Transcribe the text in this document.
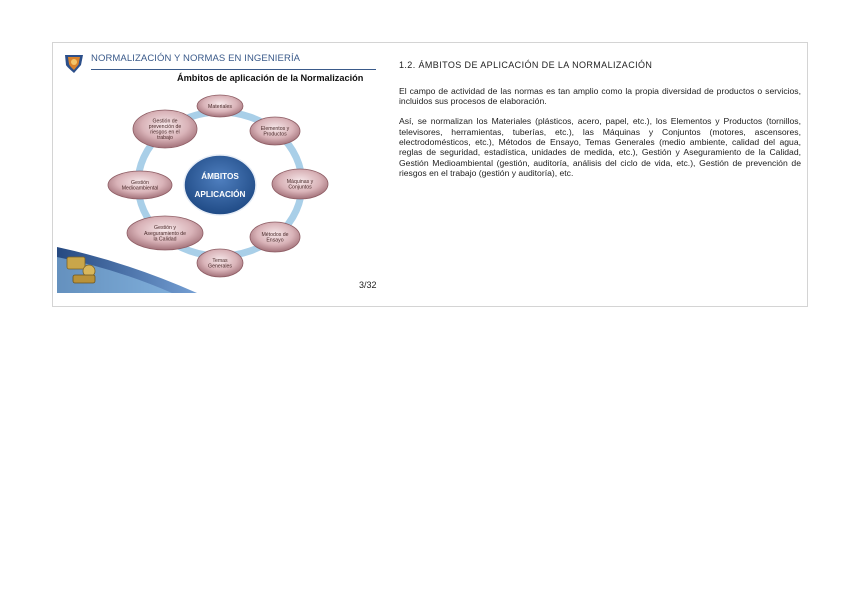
NORMALIZACIÓN Y NORMAS EN INGENIERÍA
Ámbitos de aplicación de la Normalización
ÁMBITOS
APLICACIÓN
Materiales
Elementos y
Productos
Máquinas y
Conjuntos
Métodos de
Ensayo
Temas
Generales
Gestión y
Aseguramiento de
la Calidad
Gestión
Medioambiental
Gestión de
prevención de
riesgos en el
trabajo
3/32
1.2. ÁMBITOS DE APLICACIÓN DE LA NORMALIZACIÓN

El campo de actividad de las normas es tan amplio como la propia diversidad de productos o servicios, incluidos sus procesos de elaboración.

Así, se normalizan los Materiales (plásticos, acero, papel, etc.), los Elementos y Productos (tornillos, televisores, herramientas, tuberías, etc.), las Máquinas y Conjuntos (motores, ascensores, electrodomésticos, etc.), Métodos de Ensayo, Temas Generales (medio ambiente, calidad del agua, reglas de seguridad, estadística, unidades de medida, etc.), Gestión y Aseguramiento de la Calidad, Gestión Medioambiental (gestión, auditoría, análisis del ciclo de vida, etc.), Gestión de prevención de riesgos en el trabajo (gestión y auditoría), etc.
